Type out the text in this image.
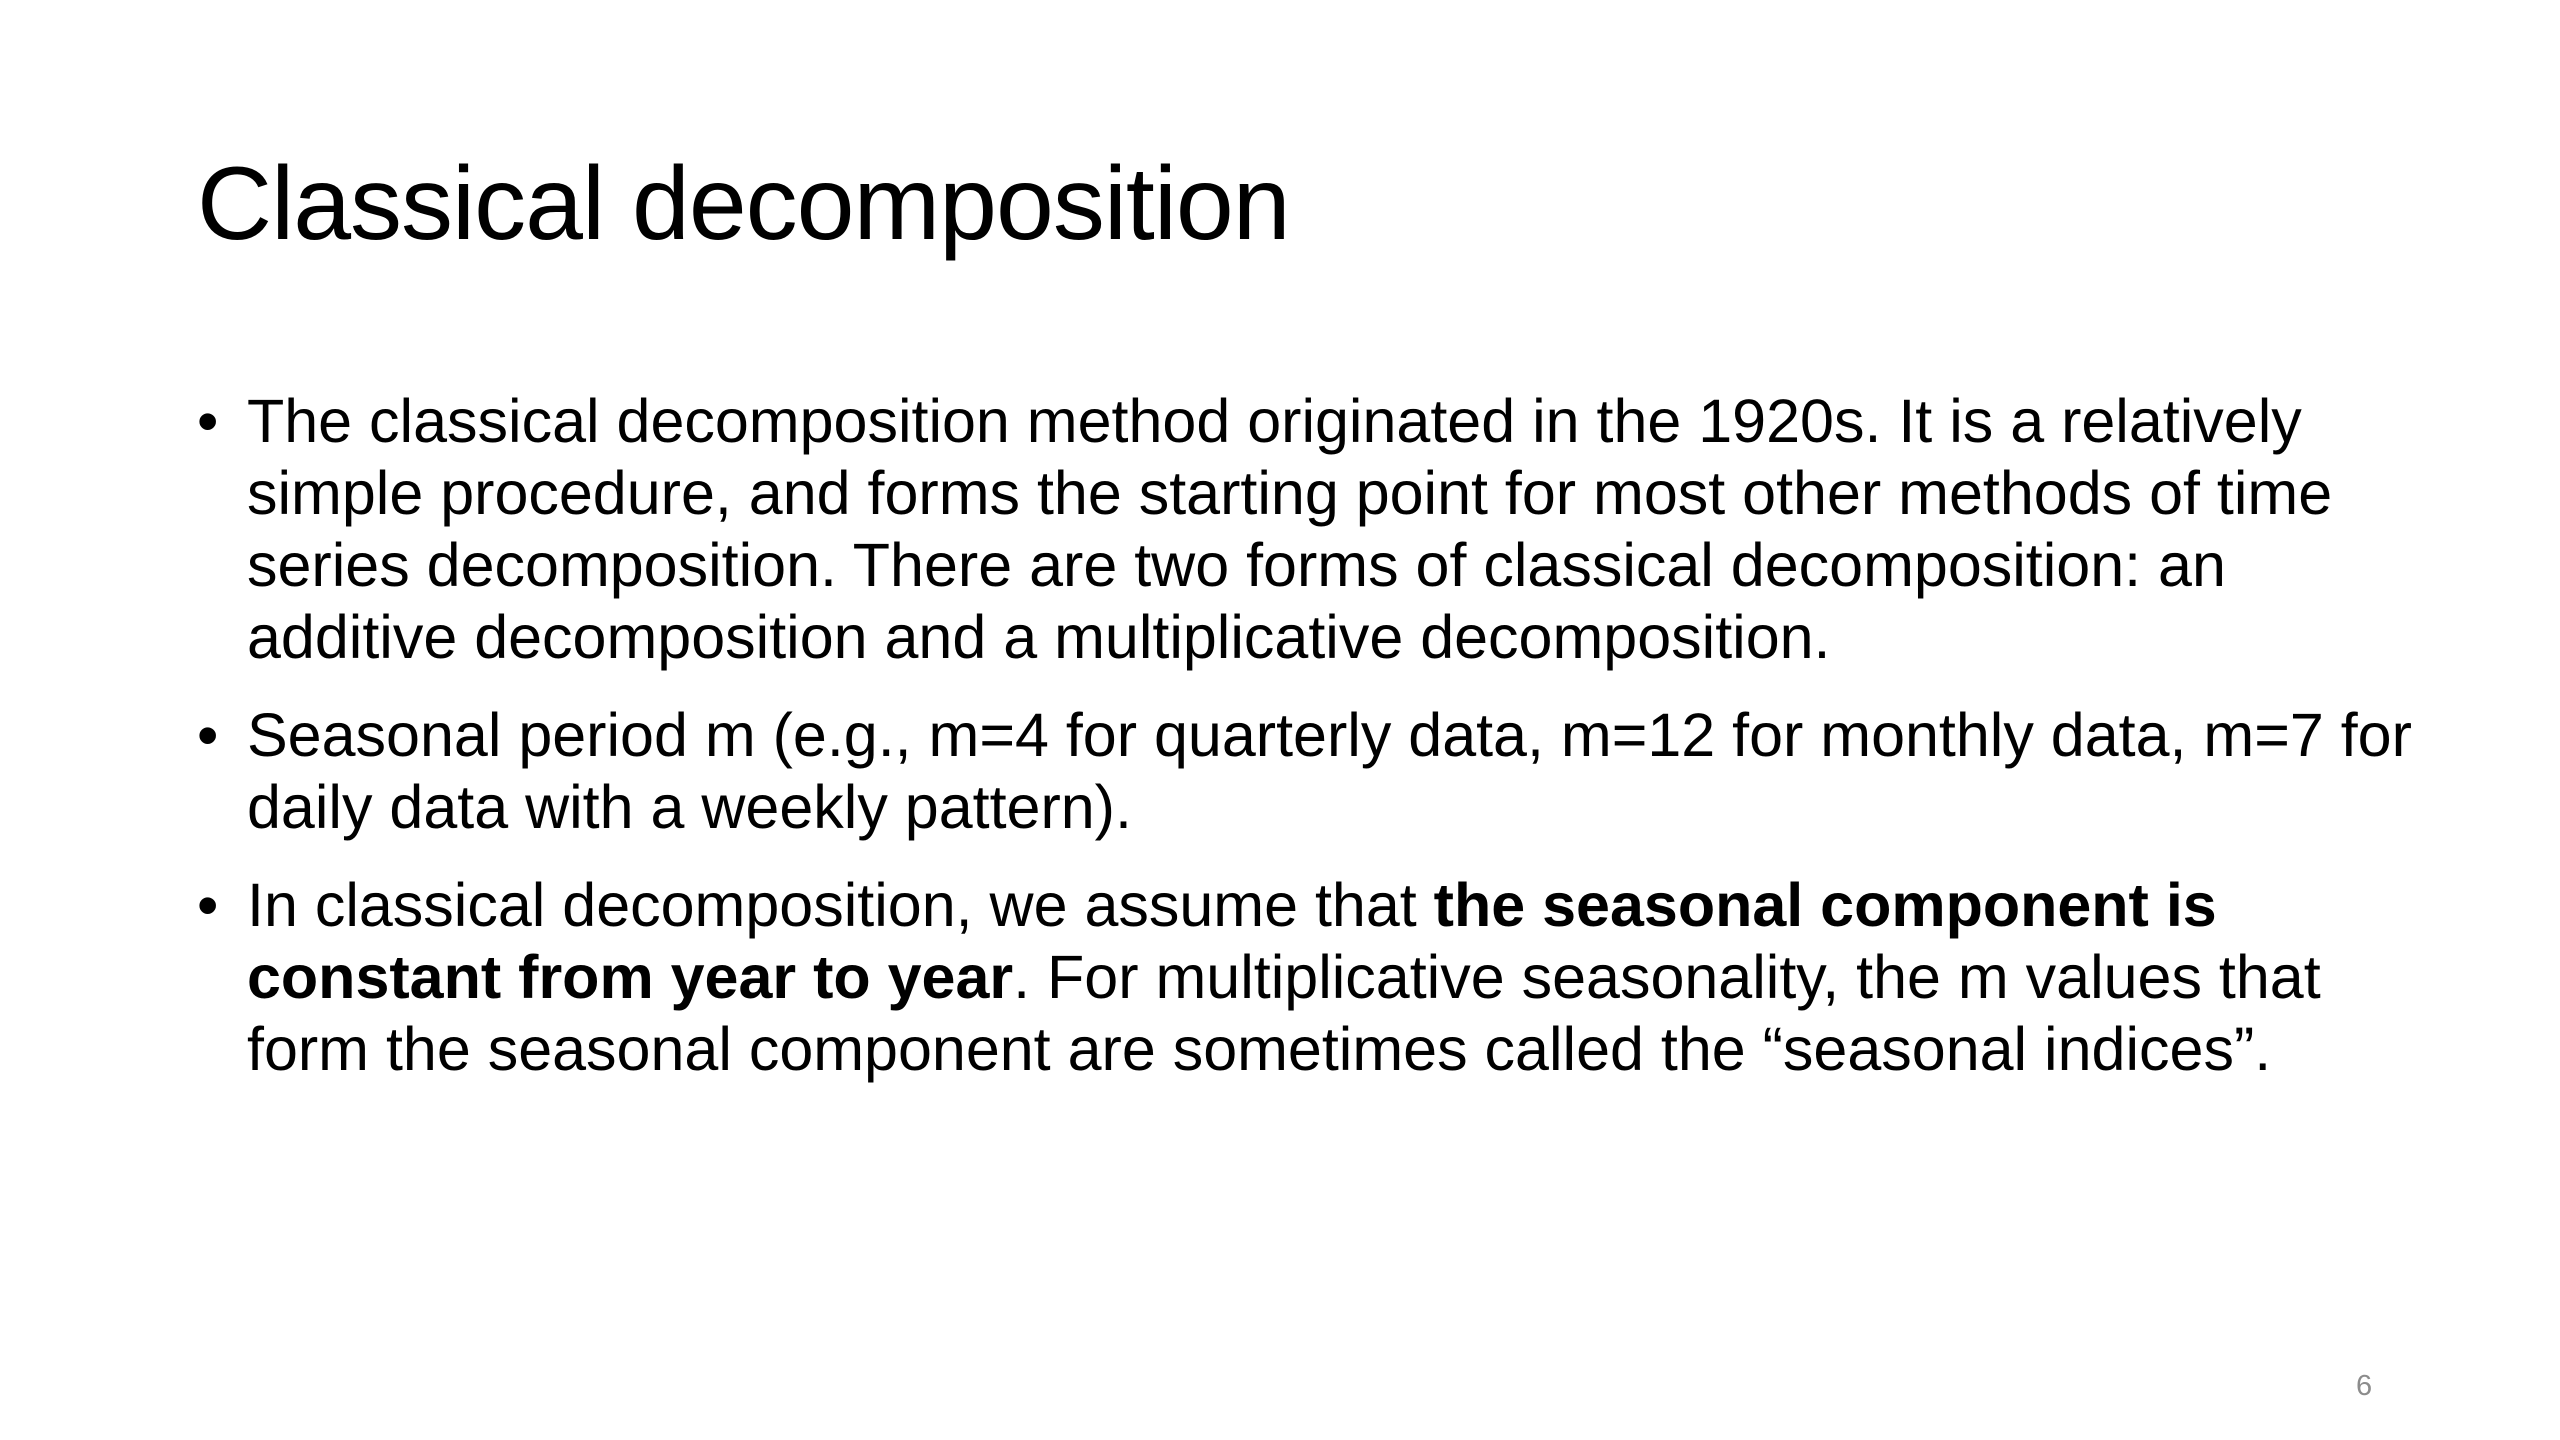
Classical decomposition
• The classical decomposition method originated in the 1920s. It is a relatively simple procedure, and forms the starting point for most other methods of time series decomposition. There are two forms of classical decomposition: an additive decomposition and a multiplicative decomposition.
• Seasonal period m (e.g., m=4 for quarterly data, m=12 for monthly data, m=7 for daily data with a weekly pattern).
• In classical decomposition, we assume that the seasonal component is constant from year to year. For multiplicative seasonality, the m values that form the seasonal component are sometimes called the “seasonal indices”.
6
